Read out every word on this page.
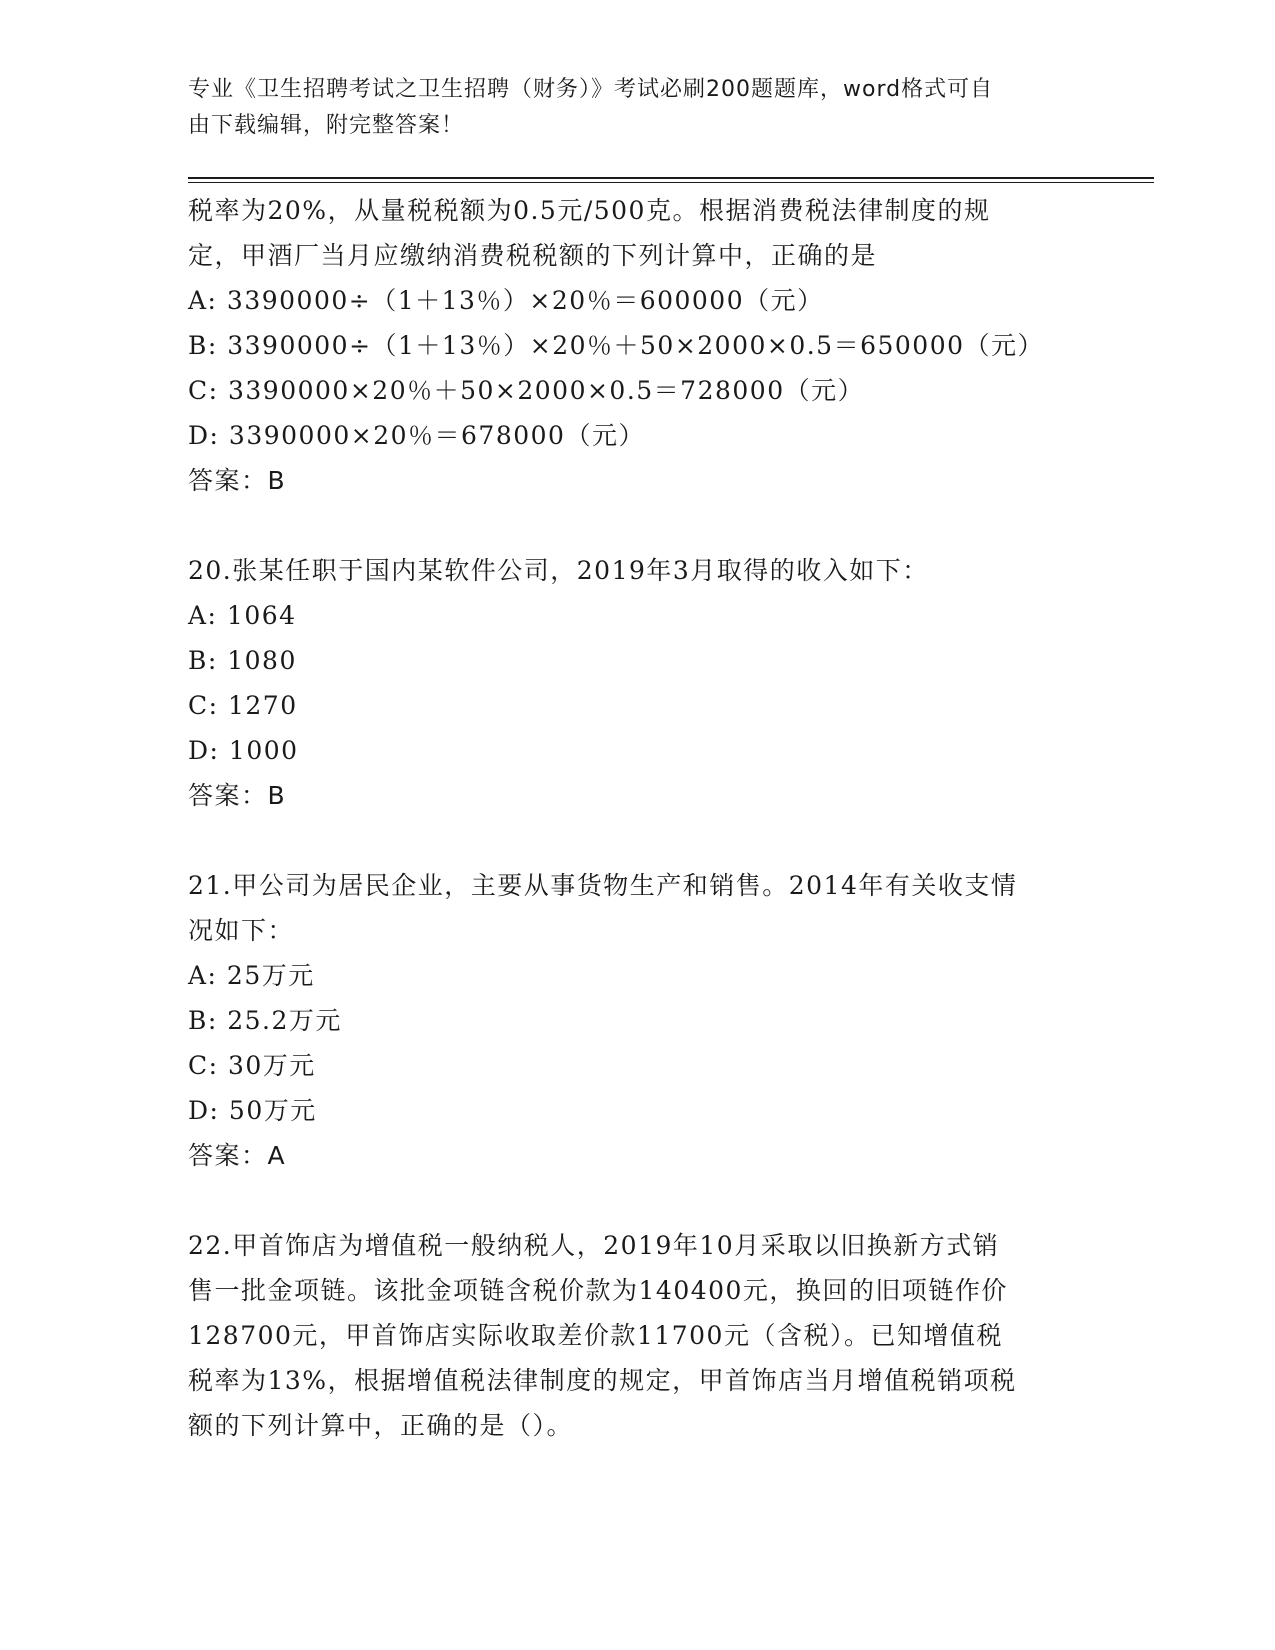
专业《卫生招聘考试之卫生招聘（财务）》考试必刷200题题库，word格式可自
由下载编辑，附完整答案！

税率为20%，从量税税额为0.5元/500克。根据消费税法律制度的规

定，甲酒厂当月应缴纳消费税税额的下列计算中，正确的是

A: 3390000÷（1＋13％）×20％＝600000（元）

B: 3390000÷（1＋13％）×20％＋50×2000×0.5＝650000（元）

C: 3390000×20％＋50×2000×0.5＝728000（元）

D: 3390000×20％＝678000（元）

答案：B

20.张某任职于国内某软件公司，2019年3月取得的收入如下：

A: 1064

B: 1080

C: 1270

D: 1000

答案：B

21.甲公司为居民企业，主要从事货物生产和销售。2014年有关收支情

况如下：

A: 25万元

B: 25.2万元

C: 30万元

D: 50万元

答案：A

22.甲首饰店为增值税一般纳税人，2019年10月采取以旧换新方式销

售一批金项链。该批金项链含税价款为140400元，换回的旧项链作价

128700元，甲首饰店实际收取差价款11700元（含税）。已知增值税

税率为13%，根据增值税法律制度的规定，甲首饰店当月增值税销项税

额的下列计算中，正确的是（）。
